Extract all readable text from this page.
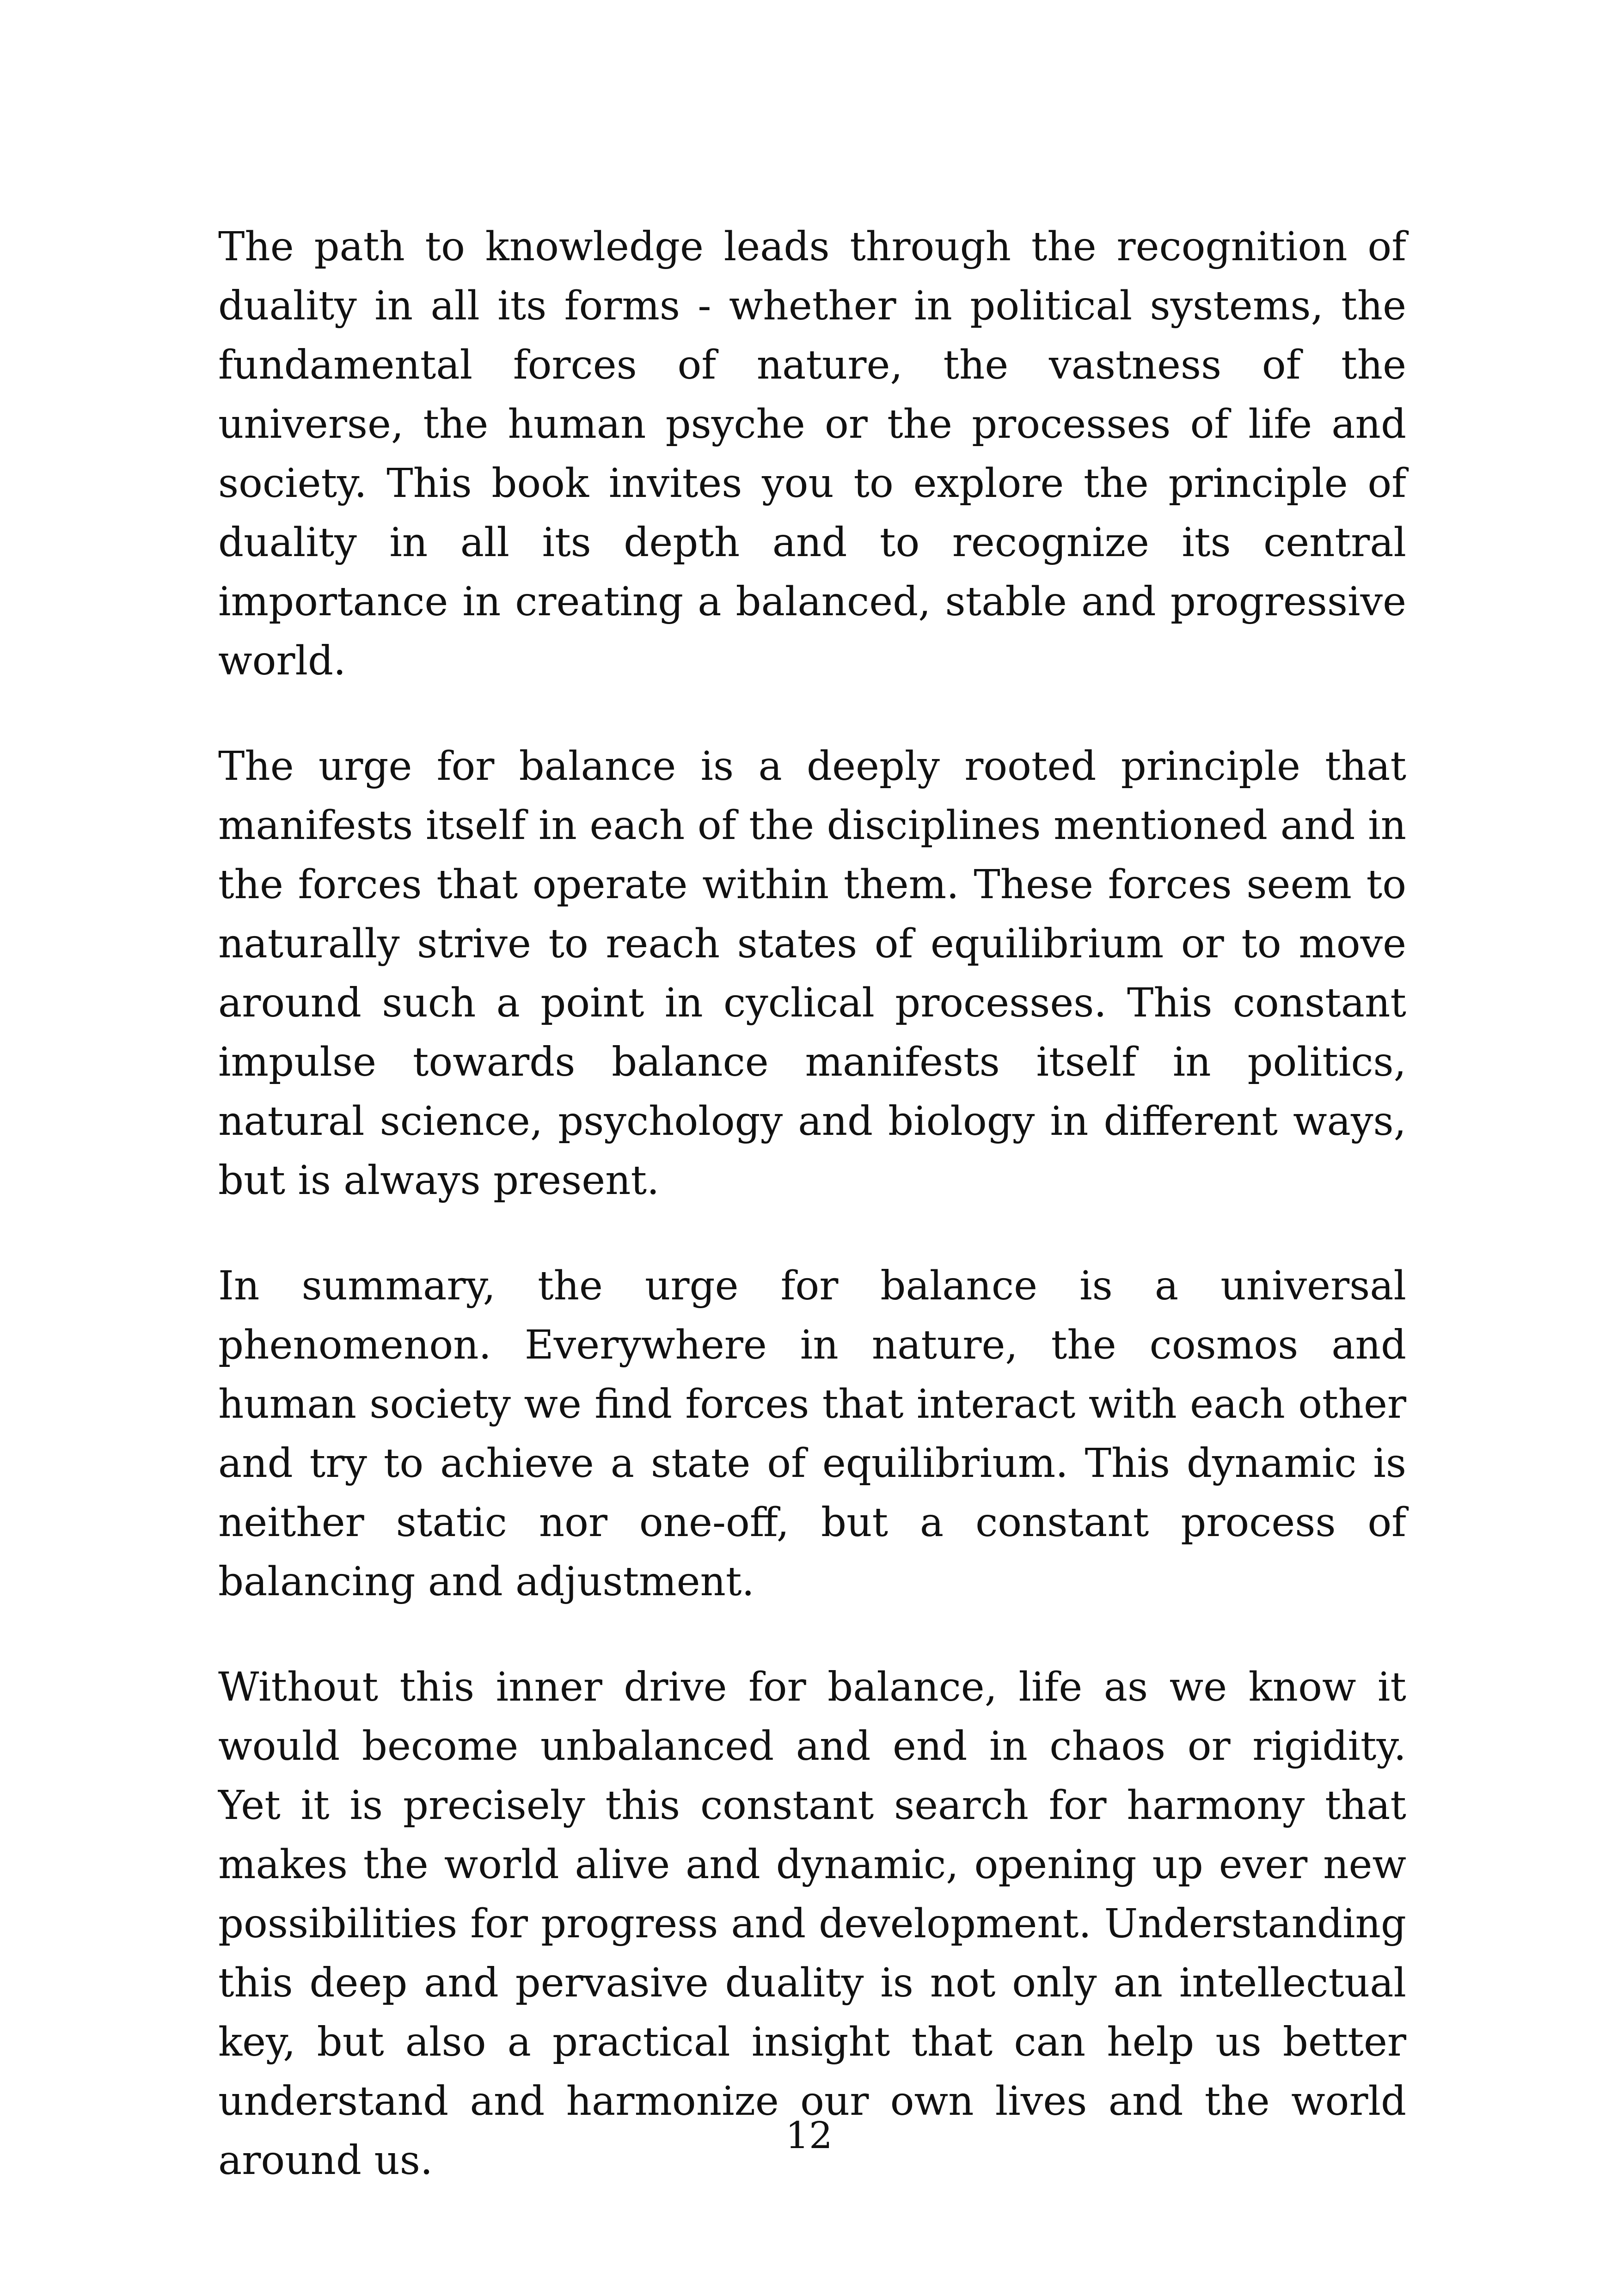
The path to knowledge leads through the recognition of duality in all its forms - whether in political systems, the fundamental forces of nature, the vastness of the universe, the human psyche or the processes of life and society. This book invites you to explore the principle of duality in all its depth and to recognize its central importance in creating a balanced, stable and progressive world.

The urge for balance is a deeply rooted principle that manifests itself in each of the disciplines mentioned and in the forces that operate within them. These forces seem to naturally strive to reach states of equilibrium or to move around such a point in cyclical processes. This constant impulse towards balance manifests itself in politics, natural science, psychology and biology in different ways, but is always present.

In summary, the urge for balance is a universal phenomenon. Everywhere in nature, the cosmos and human society we find forces that interact with each other and try to achieve a state of equilibrium. This dynamic is neither static nor one-off, but a constant process of balancing and adjustment.

Without this inner drive for balance, life as we know it would become unbalanced and end in chaos or rigidity. Yet it is precisely this constant search for harmony that makes the world alive and dynamic, opening up ever new possibilities for progress and development. Understanding this deep and pervasive duality is not only an intellectual key, but also a practical insight that can help us better understand and harmonize our own lives and the world around us.

12
